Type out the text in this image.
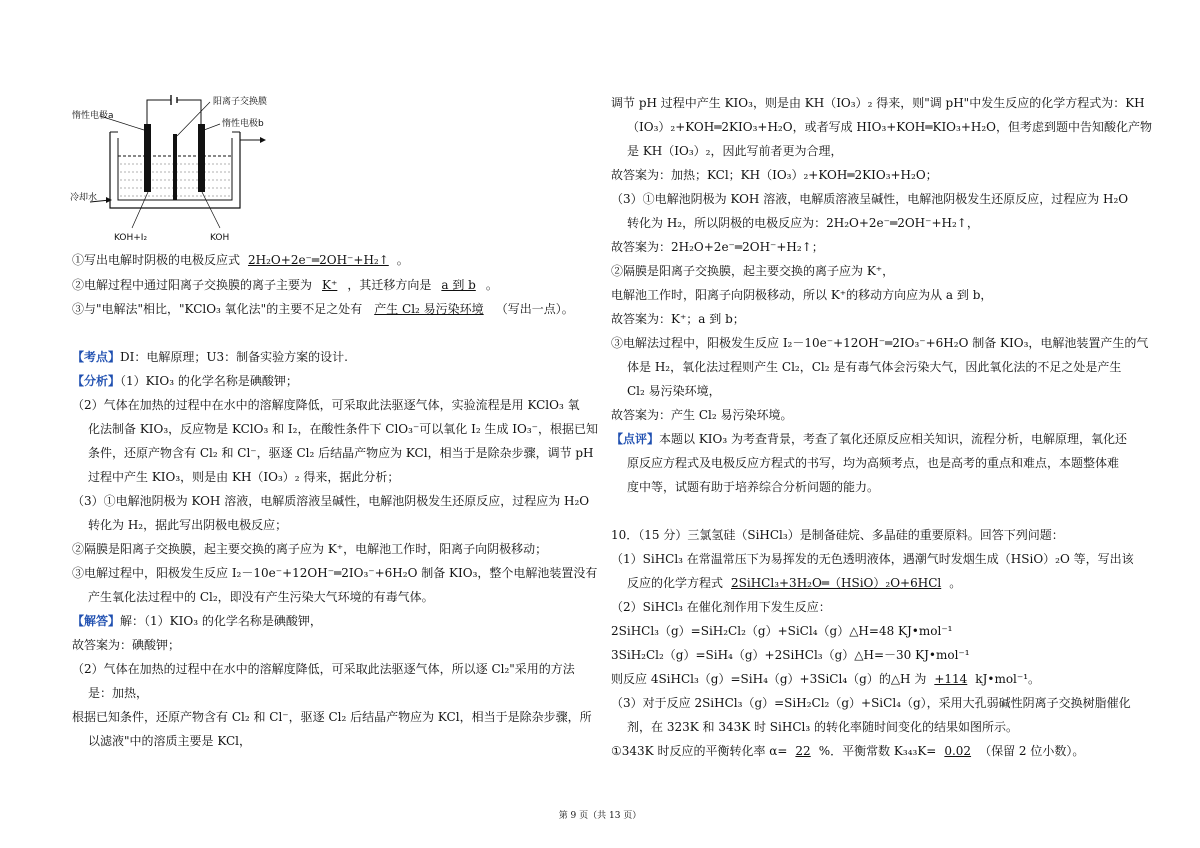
阳离子交换膜
惰性电极a
惰性电极b
冷却水
KOH+I₂	KOH
①写出电解时阴极的电极反应式 2H₂O+2e⁻═2OH⁻+H₂↑ 。
②电解过程中通过阳离子交换膜的离子主要为 K⁺ ，其迁移方向是 a 到 b 。
③与"电解法"相比，"KClO₃ 氧化法"的主要不足之处有 产生 Cl₂ 易污染环境 （写出一点）。
【考点】DI：电解原理；U3：制备实验方案的设计.
【分析】（1）KIO₃ 的化学名称是碘酸钾；
（2）气体在加热的过程中在水中的溶解度降低，可采取此法驱逐气体，实验流程是用 KClO₃ 氧
化法制备 KIO₃，反应物是 KClO₃ 和 I₂，在酸性条件下 ClO₃⁻可以氧化 I₂ 生成 IO₃⁻，根据已知
条件，还原产物含有 Cl₂ 和 Cl⁻，驱逐 Cl₂ 后结晶产物应为 KCl，相当于是除杂步骤，调节 pH
过程中产生 KIO₃，则是由 KH（IO₃）₂ 得来，据此分析；
（3）①电解池阴极为 KOH 溶液，电解质溶液呈碱性，电解池阴极发生还原反应，过程应为 H₂O
转化为 H₂，据此写出阴极电极反应；
②隔膜是阳离子交换膜，起主要交换的离子应为 K⁺，电解池工作时，阳离子向阴极移动；
③电解过程中，阳极发生反应 I₂－10e⁻+12OH⁻═2IO₃⁻+6H₂O 制备 KIO₃，整个电解池装置没有
产生氧化法过程中的 Cl₂，即没有产生污染大气环境的有毒气体。
【解答】解：（1）KIO₃ 的化学名称是碘酸钾，
故答案为：碘酸钾；
（2）气体在加热的过程中在水中的溶解度降低，可采取此法驱逐气体，所以逐 Cl₂"采用的方法
是：加热，
根据已知条件，还原产物含有 Cl₂ 和 Cl⁻，驱逐 Cl₂ 后结晶产物应为 KCl，相当于是除杂步骤，所
以滤液"中的溶质主要是 KCl，
调节 pH 过程中产生 KIO₃，则是由 KH（IO₃）₂ 得来，则"调 pH"中发生反应的化学方程式为：KH
（IO₃）₂+KOH═2KIO₃+H₂O，或者写成 HIO₃+KOH═KIO₃+H₂O，但考虑到题中告知酸化产物
是 KH（IO₃）₂，因此写前者更为合理，
故答案为：加热；KCl；KH（IO₃）₂+KOH═2KIO₃+H₂O；
（3）①电解池阴极为 KOH 溶液，电解质溶液呈碱性，电解池阴极发生还原反应，过程应为 H₂O
转化为 H₂，所以阴极的电极反应为：2H₂O+2e⁻═2OH⁻+H₂↑，
故答案为：2H₂O+2e⁻═2OH⁻+H₂↑；
②隔膜是阳离子交换膜，起主要交换的离子应为 K⁺，
电解池工作时，阳离子向阴极移动，所以 K⁺的移动方向应为从 a 到 b，
故答案为：K⁺；a 到 b；
③电解法过程中，阳极发生反应 I₂－10e⁻+12OH⁻═2IO₃⁻+6H₂O 制备 KIO₃，电解池装置产生的气
体是 H₂，氧化法过程则产生 Cl₂，Cl₂ 是有毒气体会污染大气，因此氧化法的不足之处是产生
Cl₂ 易污染环境，
故答案为：产生 Cl₂ 易污染环境。
【点评】本题以 KIO₃ 为考查背景，考查了氧化还原反应相关知识，流程分析，电解原理，氧化还
原反应方程式及电极反应方程式的书写，均为高频考点，也是高考的重点和难点，本题整体难
度中等，试题有助于培养综合分析问题的能力。
10．（15 分）三氯氢硅（SiHCl₃）是制备硅烷、多晶硅的重要原料。回答下列问题：
（1）SiHCl₃ 在常温常压下为易挥发的无色透明液体，遇潮气时发烟生成（HSiO）₂O 等，写出该
反应的化学方程式 2SiHCl₃+3H₂O═（HSiO）₂O+6HCl 。
（2）SiHCl₃ 在催化剂作用下发生反应：
2SiHCl₃（g）=SiH₂Cl₂（g）+SiCl₄（g）△H=48 KJ•mol⁻¹
3SiH₂Cl₂（g）=SiH₄（g）+2SiHCl₃（g）△H=－30 KJ•mol⁻¹
则反应 4SiHCl₃（g）=SiH₄（g）+3SiCl₄（g）的△H 为 +114 kJ•mol⁻¹。
（3）对于反应 2SiHCl₃（g）=SiH₂Cl₂（g）+SiCl₄（g），采用大孔弱碱性阴离子交换树脂催化
剂，在 323K 和 343K 时 SiHCl₃ 的转化率随时间变化的结果如图所示。
①343K 时反应的平衡转化率 α= 22 %．平衡常数 K₃₄₃K= 0.02 （保留 2 位小数）。
第 9 页（共 13 页）
